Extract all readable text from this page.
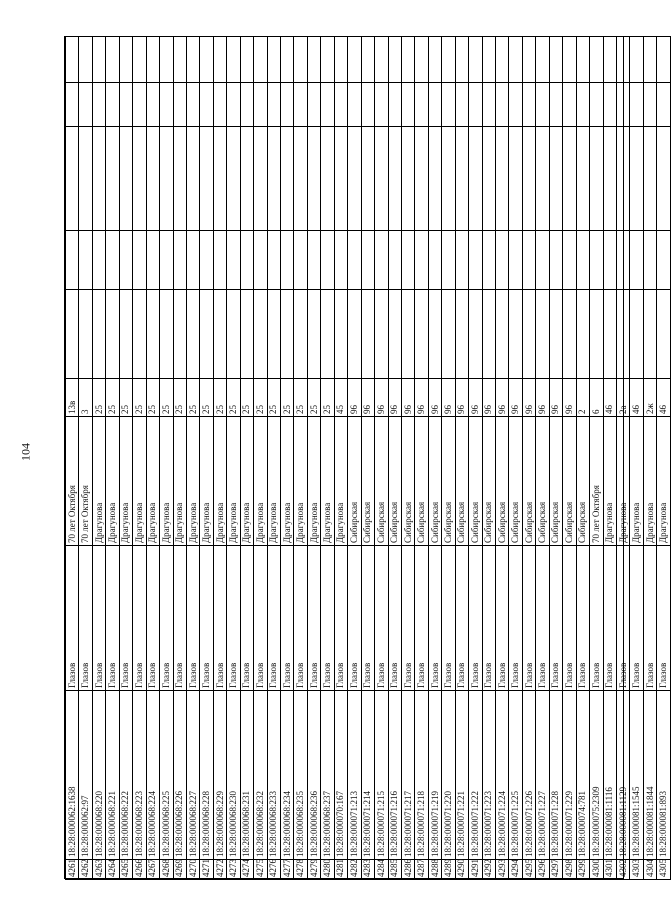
104
4261	18:28:000062:1638	Глазов	70 лет Октября	13в					
4262	18:28:000062:97	Глазов	70 лет Октября	3					
4263	18:28:000068:220	Глазов	Драгунова	25					
4264	18:28:000068:221	Глазов	Драгунова	25					
4265	18:28:000068:222	Глазов	Драгунова	25					
4266	18:28:000068:223	Глазов	Драгунова	25					
4267	18:28:000068:224	Глазов	Драгунова	25					
4268	18:28:000068:225	Глазов	Драгунова	25					
4269	18:28:000068:226	Глазов	Драгунова	25					
4270	18:28:000068:227	Глазов	Драгунова	25					
4271	18:28:000068:228	Глазов	Драгунова	25					
4272	18:28:000068:229	Глазов	Драгунова	25					
4273	18:28:000068:230	Глазов	Драгунова	25					
4274	18:28:000068:231	Глазов	Драгунова	25					
4275	18:28:000068:232	Глазов	Драгунова	25					
4276	18:28:000068:233	Глазов	Драгунова	25					
4277	18:28:000068:234	Глазов	Драгунова	25					
4278	18:28:000068:235	Глазов	Драгунова	25					
4279	18:28:000068:236	Глазов	Драгунова	25					
4280	18:28:000068:237	Глазов	Драгунова	25					
4281	18:28:000070:167	Глазов	Драгунова	45					
4282	18:28:000071:213	Глазов	Сибирская	96					
4283	18:28:000071:214	Глазов	Сибирская	96					
4284	18:28:000071:215	Глазов	Сибирская	96					
4285	18:28:000071:216	Глазов	Сибирская	96					
4286	18:28:000071:217	Глазов	Сибирская	96					
4287	18:28:000071:218	Глазов	Сибирская	96					
4288	18:28:000071:219	Глазов	Сибирская	96					
4289	18:28:000071:220	Глазов	Сибирская	96					
4290	18:28:000071:221	Глазов	Сибирская	96					
4291	18:28:000071:222	Глазов	Сибирская	96					
4292	18:28:000071:223	Глазов	Сибирская	96					
4293	18:28:000071:224	Глазов	Сибирская	96					
4294	18:28:000071:225	Глазов	Сибирская	96					
4295	18:28:000071:226	Глазов	Сибирская	96					
4296	18:28:000071:227	Глазов	Сибирская	96					
4297	18:28:000071:228	Глазов	Сибирская	96					
4298	18:28:000071:229	Глазов	Сибирская	96					
4299	18:28:000074:781	Глазов	Сибирская	2					
4300	18:28:000075:2309	Глазов	70 лет Октября	6					
4301	18:28:000081:1116	Глазов	Драгунова	46					
4302	18:28:000081:1129	Глазов	Драгунова	2а					
4303	18:28:000081:1545	Глазов	Драгунова	46					
4304	18:28:000081:1844	Глазов	Драгунова	2ж					
4305	18:28:000081:893	Глазов	Драгунова	46					
